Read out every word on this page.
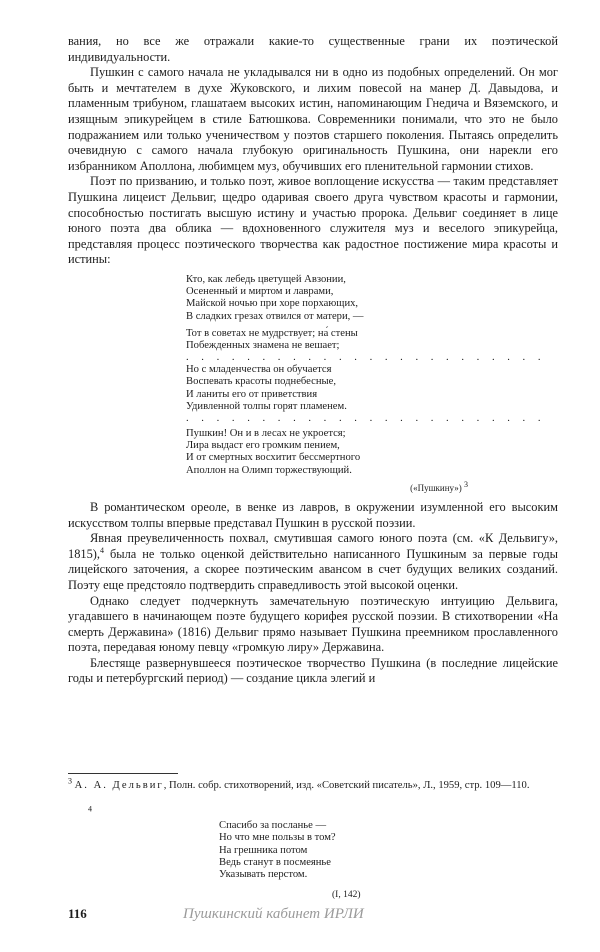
вания, но все же отражали какие-то существенные грани их поэтической индивидуальности.

Пушкин с самого начала не укладывался ни в одно из подобных определений. Он мог быть и мечтателем в духе Жуковского, и лихим повесой на манер Д. Давыдова, и пламенным трибуном, глашатаем высоких истин, напоминающим Гнедича и Вяземского, и изящным эпикурейцем в стиле Батюшкова. Современники понимали, что это не было подражанием или только ученичеством у поэтов старшего поколения. Пытаясь определить очевидную с самого начала глубокую оригинальность Пушкина, они нарекли его избранником Аполлона, любимцем муз, обучивших его пленительной гармонии стихов.

Поэт по призванию, и только поэт, живое воплощение искусства — таким представляет Пушкина лицеист Дельвиг, щедро одаривая своего друга чувством красоты и гармонии, способностью постигать высшую истину и участью пророка. Дельвиг соединяет в лице юного поэта два облика — вдохновенного служителя муз и веселого эпикурейца, представляя процесс поэтического творчества как радостное постижение мира красоты и истины:

Кто, как лебедь цветущей Авзонии,
Осененный и миртом и лаврами,
Майской ночью при хоре порхающих,
В сладких грезах отвился от матери, —
Тот в советах не мудрствует; на́ стены
Побежденных знамена не вешает;
. . . . . . . . . . . . . . . . . . . . . . . .
Но с младенчества он обучается
Воспевать красоты поднебесные,
И ланиты его от приветствия
Удивленной толпы горят пламенем.
. . . . . . . . . . . . . . . . . . . . . . . .
Пушкин! Он и в лесах не укроется;
Лира выдаст его громким пением,
И от смертных восхитит бессмертного
Аполлон на Олимп торжествующий.
(«Пушкину») 3

В романтическом ореоле, в венке из лавров, в окружении изумленной его высоким искусством толпы впервые представал Пушкин в русской поэзии.

Явная преувеличенность похвал, смутившая самого юного поэта (см. «К Дельвигу», 1815),$^4$ была не только оценкой действительно написанного Пушкиным за первые годы лицейского заточения, а скорее поэтическим авансом в счет будущих великих созданий. Поэту еще предстояло подтвердить справедливость этой высокой оценки.

Однако следует подчеркнуть замечательную поэтическую интуицию Дельвига, угадавшего в начинающем поэте будущего корифея русской поэзии. В стихотворении «На смерть Державина» (1816) Дельвиг прямо называет Пушкина преемником прославленного поэта, передавая юному певцу «громкую лиру» Державина.

Блестяще развернувшееся поэтическое творчество Пушкина (в последние лицейские годы и петербургский период) — создание цикла элегий и

$^3$ А. А. Дельвиг, Полн. собр. стихотворений, изд. «Советский писатель», Л., 1959, стр. 109—110.
$^4$
Спасибо за посланье —
Но что мне пользы в том?
На грешника потом
Ведь станут в посмеянье
Указывать перстом.
(I, 142)
116	Пушкинский кабинет ИРЛИ
